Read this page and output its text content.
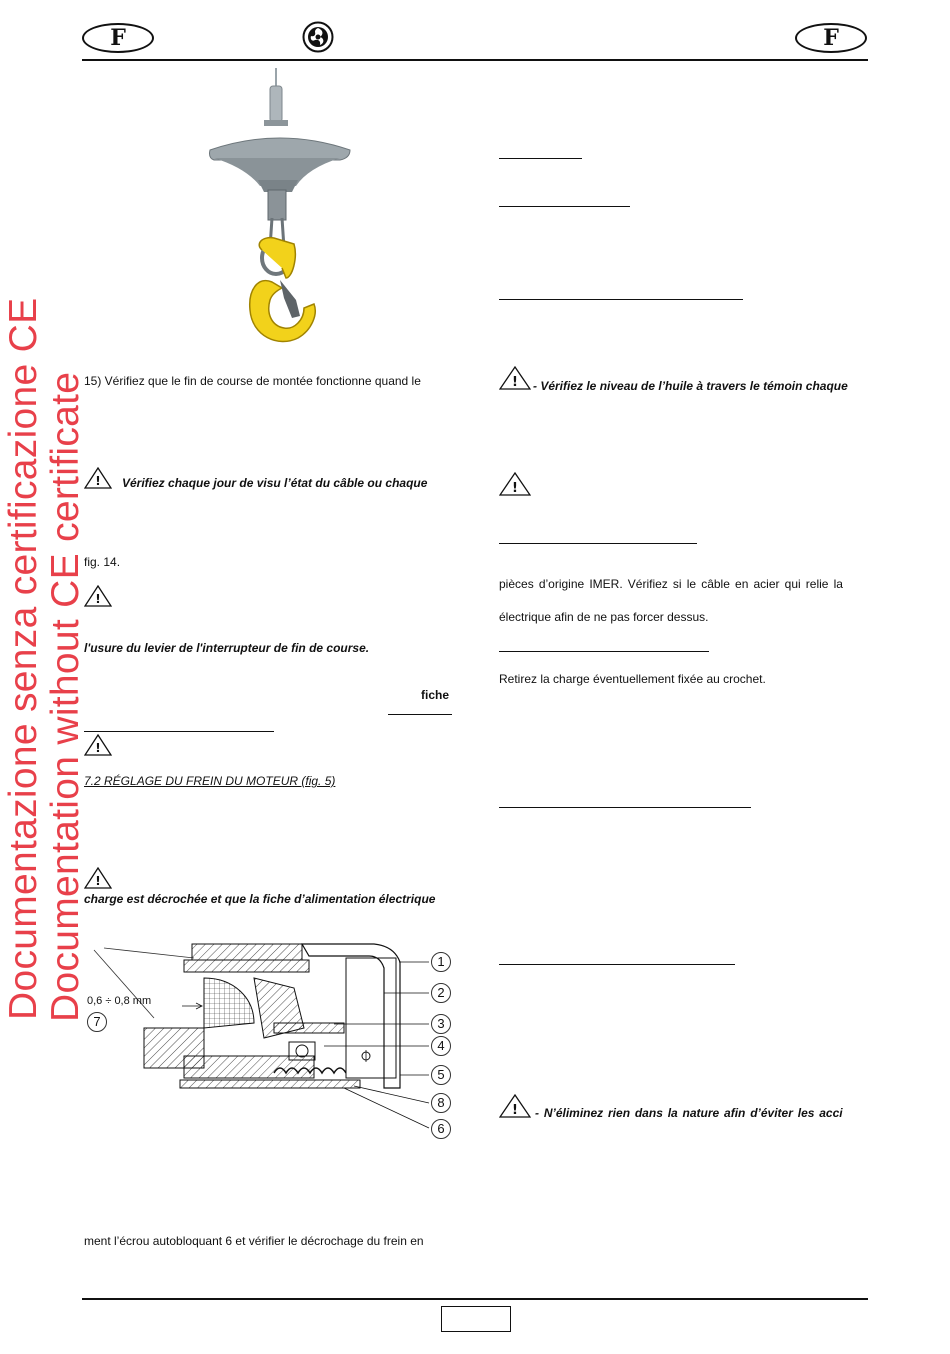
F	F
Documentazione senza certificazione CE Documentation without CE certificate
15) Vérifiez que le fin de course de montée fonctionne quand le
! Vérifiez chaque jour de visu l’état du câble ou chaque
fig. 14.
!
l'usure du levier de l'interrupteur de fin de course.
fiche
!
7.2 RÉGLAGE DU FREIN DU MOTEUR (fig. 5)
!
charge est décrochée et que la fiche d’alimentation électrique
0,6 ÷ 0,8 mm
7
1
2
3
4
5
8
6
ment l’écrou autobloquant 6 et vérifier le décrochage du frein en
! - Vérifiez le niveau de l’huile à travers le témoin chaque
!
pièces d’origine IMER. Vérifiez si le câble en acier qui relie la
électrique afin de ne pas forcer dessus.
Retirez la charge éventuellement fixée au crochet.
! - N’éliminez rien dans la nature afin d’éviter les acci
